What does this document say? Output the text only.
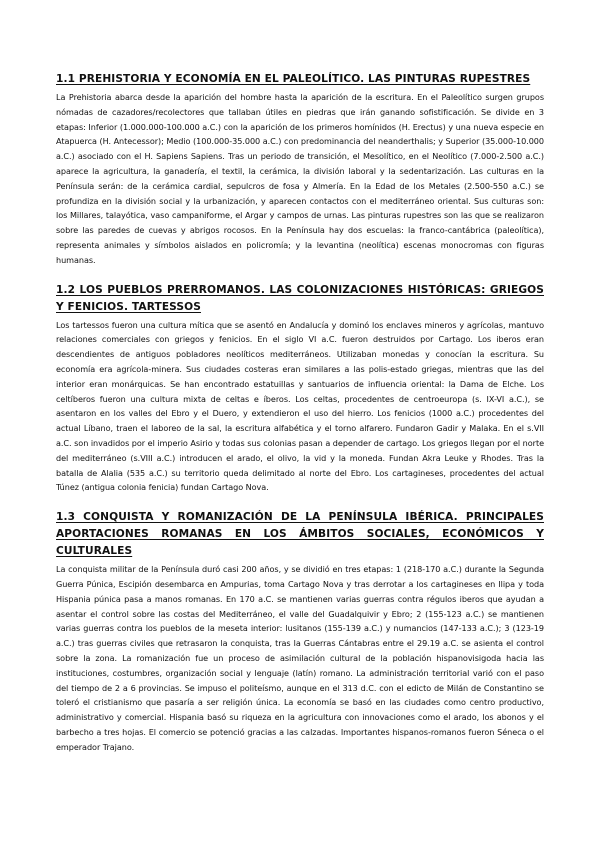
1.1 PREHISTORIA Y ECONOMÍA EN EL PALEOLÍTICO. LAS PINTURAS RUPESTRES

La Prehistoria abarca desde la aparición del hombre hasta la aparición de la escritura. En el Paleolítico surgen grupos nómadas de cazadores/recolectores que tallaban útiles en piedras que irán ganando sofistificación. Se divide en 3 etapas: Inferior (1.000.000-100.000 a.C.) con la aparición de los primeros homínidos (H. Erectus) y una nueva especie en Atapuerca (H. Antecessor); Medio (100.000-35.000 a.C.) con predominancia del neanderthalis; y Superior (35.000-10.000 a.C.) asociado con el H. Sapiens Sapiens. Tras un periodo de transición, el Mesolítico, en el Neolítico (7.000-2.500 a.C.) aparece la agricultura, la ganadería, el textil, la cerámica, la división laboral y la sedentarización. Las culturas en la Península serán: de la cerámica cardial, sepulcros de fosa y Almería. En la Edad de los Metales (2.500-550 a.C.) se profundiza en la división social y la urbanización, y aparecen contactos con el mediterráneo oriental. Sus culturas son: los Millares, talayótica, vaso campaniforme, el Argar y campos de urnas. Las pinturas rupestres son las que se realizaron sobre las paredes de cuevas y abrigos rocosos. En la Península hay dos escuelas: la franco-cantábrica (paleolítica), representa animales y símbolos aislados en policromía; y la levantina (neolítica) escenas monocromas con figuras humanas.

1.2 LOS PUEBLOS PRERROMANOS. LAS COLONIZACIONES HISTÓRICAS: GRIEGOS Y FENICIOS. TARTESSOS

Los tartessos fueron una cultura mítica que se asentó en Andalucía y dominó los enclaves mineros y agrícolas, mantuvo relaciones comerciales con griegos y fenicios. En el siglo VI a.C. fueron destruidos por Cartago. Los iberos eran descendientes de antiguos pobladores neolíticos mediterráneos. Utilizaban monedas y conocían la escritura. Su economía era agrícola-minera. Sus ciudades costeras eran similares a las polis-estado griegas, mientras que las del interior eran monárquicas. Se han encontrado estatuillas y santuarios de influencia oriental: la Dama de Elche. Los celtíberos fueron una cultura mixta de celtas e íberos. Los celtas, procedentes de centroeuropa (s. IX-VI a.C.), se asentaron en los valles del Ebro y el Duero, y extendieron el uso del hierro. Los fenicios (1000 a.C.) procedentes del actual Líbano, traen el laboreo de la sal, la escritura alfabética y el torno alfarero. Fundaron Gadir y Malaka. En el s.VII a.C. son invadidos por el imperio Asirio y todas sus colonias pasan a depender de cartago. Los griegos llegan por el norte del mediterráneo (s.VIII a.C.) introducen el arado, el olivo, la vid y la moneda. Fundan Akra Leuke y Rhodes. Tras la batalla de Alalia (535 a.C.) su territorio queda delimitado al norte del Ebro. Los cartagineses, procedentes del actual Túnez (antigua colonia fenicia) fundan Cartago Nova.

1.3 CONQUISTA Y ROMANIZACIÓN DE LA PENÍNSULA IBÉRICA. PRINCIPALES APORTACIONES ROMANAS EN LOS ÁMBITOS SOCIALES, ECONÓMICOS Y CULTURALES

La conquista militar de la Península duró casi 200 años, y se dividió en tres etapas: 1 (218-170 a.C.) durante la Segunda Guerra Púnica, Escipión desembarca en Ampurias, toma Cartago Nova y tras derrotar a los cartagineses en Ilipa y toda Hispania púnica pasa a manos romanas. En 170 a.C. se mantienen varias guerras contra régulos iberos que ayudan a asentar el control sobre las costas del Mediterráneo, el valle del Guadalquivir y Ebro; 2 (155-123 a.C.) se mantienen varias guerras contra los pueblos de la meseta interior: lusitanos (155-139 a.C.) y numancios (147-133 a.C.); 3 (123-19 a.C.) tras guerras civiles que retrasaron la conquista, tras la Guerras Cántabras entre el 29.19 a.C. se asienta el control sobre la zona. La romanización fue un proceso de asimilación cultural de la población hispanovisigoda hacia las instituciones, costumbres, organización social y lenguaje (latín) romano. La administración territorial varió con el paso del tiempo de 2 a 6 provincias. Se impuso el politeísmo, aunque en el 313 d.C. con el edicto de Milán de Constantino se toleró el cristianismo que pasaría a ser religión única. La economía se basó en las ciudades como centro productivo, administrativo y comercial. Hispania basó su riqueza en la agricultura con innovaciones como el arado, los abonos y el barbecho a tres hojas. El comercio se potenció gracias a las calzadas. Importantes hispanos-romanos fueron Séneca o el emperador Trajano.
